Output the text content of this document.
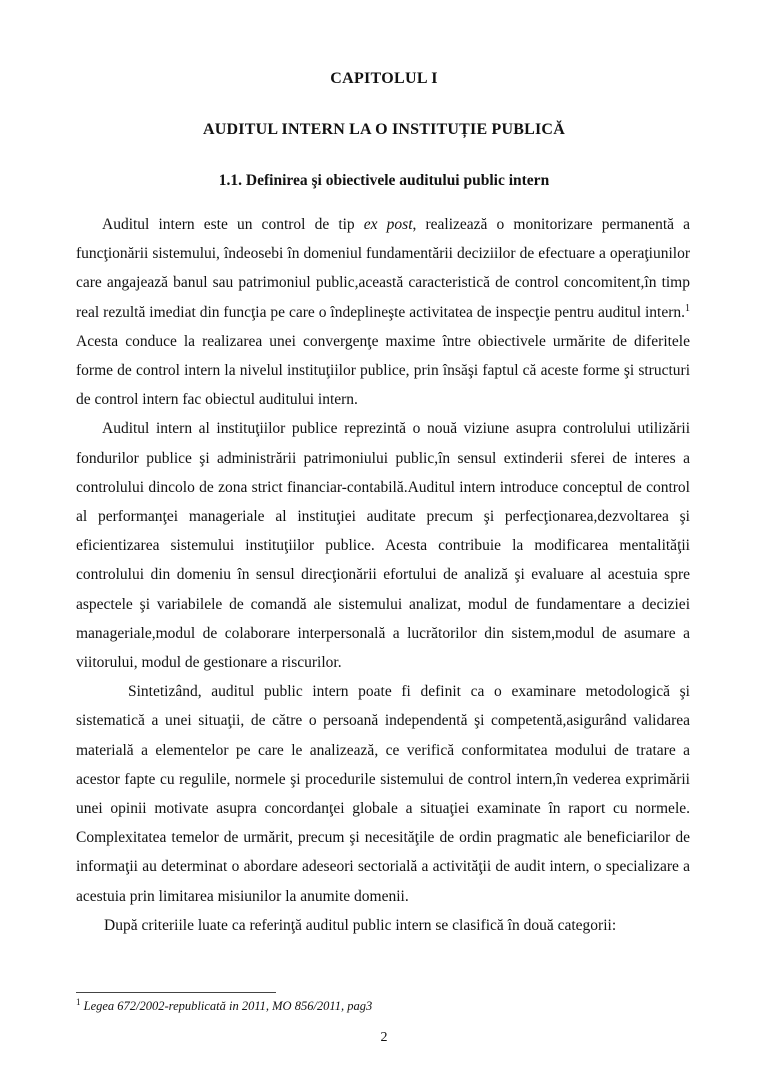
CAPITOLUL I
AUDITUL INTERN LA O INSTITUȚIE PUBLICĂ
1.1. Definirea şi obiectivele auditului public intern

Auditul intern este un control de tip ex post, realizează o monitorizare permanentă a funcţionării sistemului, îndeosebi în domeniul fundamentării deciziilor de efectuare a operaţiunilor care angajează banul sau patrimoniul public,această caracteristică de control concomitent,în timp real rezultă imediat din funcţia pe care o îndeplineşte activitatea de inspecţie pentru auditul intern.$^1$ Acesta conduce la realizarea unei convergenţe maxime între obiectivele urmărite de diferitele forme de control intern la nivelul instituţiilor publice, prin însăşi faptul că aceste forme şi structuri de control intern fac obiectul auditului intern.

Auditul intern al instituţiilor publice reprezintă o nouă viziune asupra controlului utilizării fondurilor publice şi administrării patrimoniului public,în sensul extinderii sferei de interes a controlului dincolo de zona strict financiar-contabilă.Auditul intern introduce conceptul de control al performanţei manageriale al instituţiei auditate precum şi perfecţionarea,dezvoltarea şi eficientizarea sistemului instituţiilor publice. Acesta contribuie la modificarea mentalităţii controlului din domeniu în sensul direcţionării efortului de analiză şi evaluare al acestuia spre aspectele şi variabilele de comandă ale sistemului analizat, modul de fundamentare a deciziei manageriale,modul de colaborare interpersonală a lucrătorilor din sistem,modul de asumare a viitorului, modul de gestionare a riscurilor.

Sintetizând, auditul public intern poate fi definit ca o examinare metodologică şi sistematică a unei situaţii, de către o persoană independentă şi competentă,asigurând validarea materială a elementelor pe care le analizează, ce verifică conformitatea modului de tratare a acestor fapte cu regulile, normele şi procedurile sistemului de control intern,în vederea exprimării unei opinii motivate asupra concordanţei globale a situaţiei examinate în raport cu normele. Complexitatea temelor de urmărit, precum şi necesităţile de ordin pragmatic ale beneficiarilor de informaţii au determinat o abordare adeseori sectorială a activităţii de audit intern, o specializare a acestuia prin limitarea misiunilor la anumite domenii.

După criteriile luate ca referinţă auditul public intern se clasifică în două categorii:

$^1$ Legea 672/2002-republicată in 2011, MO 856/2011, pag3
2
